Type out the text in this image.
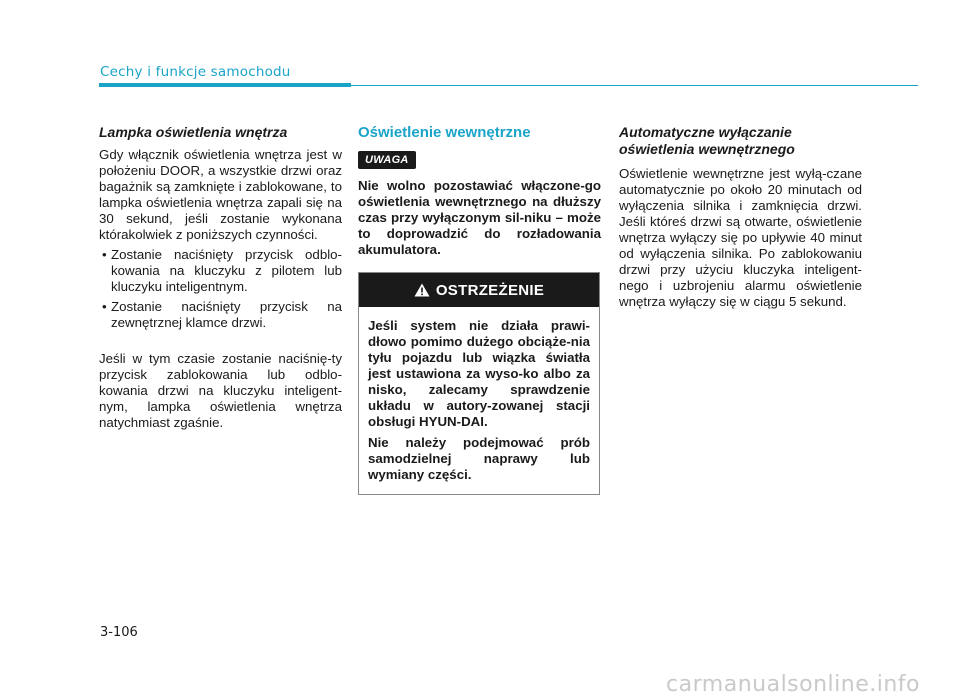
Cechy i funkcje samochodu
Lampka oświetlenia wnętrza

Gdy włącznik oświetlenia wnętrza jest w położeniu DOOR, a wszystkie drzwi oraz bagażnik są zamknięte i zablokowane, to lampka oświetlenia wnętrza zapali się na 30 sekund, jeśli zostanie wykonana którakolwiek z poniższych czynności.

• Zostanie naciśnięty przycisk odblo-kowania na kluczyku z pilotem lub kluczyku inteligentnym.
• Zostanie naciśnięty przycisk na zewnętrznej klamce drzwi.

Jeśli w tym czasie zostanie naciśnię-ty przycisk zablokowania lub odblo-kowania drzwi na kluczyku inteligent-nym, lampka oświetlenia wnętrza natychmiast zgaśnie.

Oświetlenie wewnętrzne
UWAGA

Nie wolno pozostawiać włączone-go oświetlenia wewnętrznego na dłuższy czas przy wyłączonym sil-niku – może to doprowadzić do rozładowania akumulatora.

OSTRZEŻENIE

Jeśli system nie działa prawi-dłowo pomimo dużego obciąże-nia tyłu pojazdu lub wiązka światła jest ustawiona za wyso-ko albo za nisko, zalecamy sprawdzenie układu w autory-zowanej stacji obsługi HYUN-DAI.

Nie należy podejmować prób samodzielnej naprawy lub wymiany części.

Automatyczne wyłączanie oświetlenia wewnętrznego

Oświetlenie wewnętrzne jest wyłą-czane automatycznie po około 20 minutach od wyłączenia silnika i zamknięcia drzwi. Jeśli któreś drzwi są otwarte, oświetlenie wnętrza wyłączy się po upływie 40 minut od wyłączenia silnika. Po zablokowaniu drzwi przy użyciu kluczyka inteligent-nego i uzbrojeniu alarmu oświetlenie wnętrza wyłączy się w ciągu 5 sekund.

3-106
carmanualsonline.info
